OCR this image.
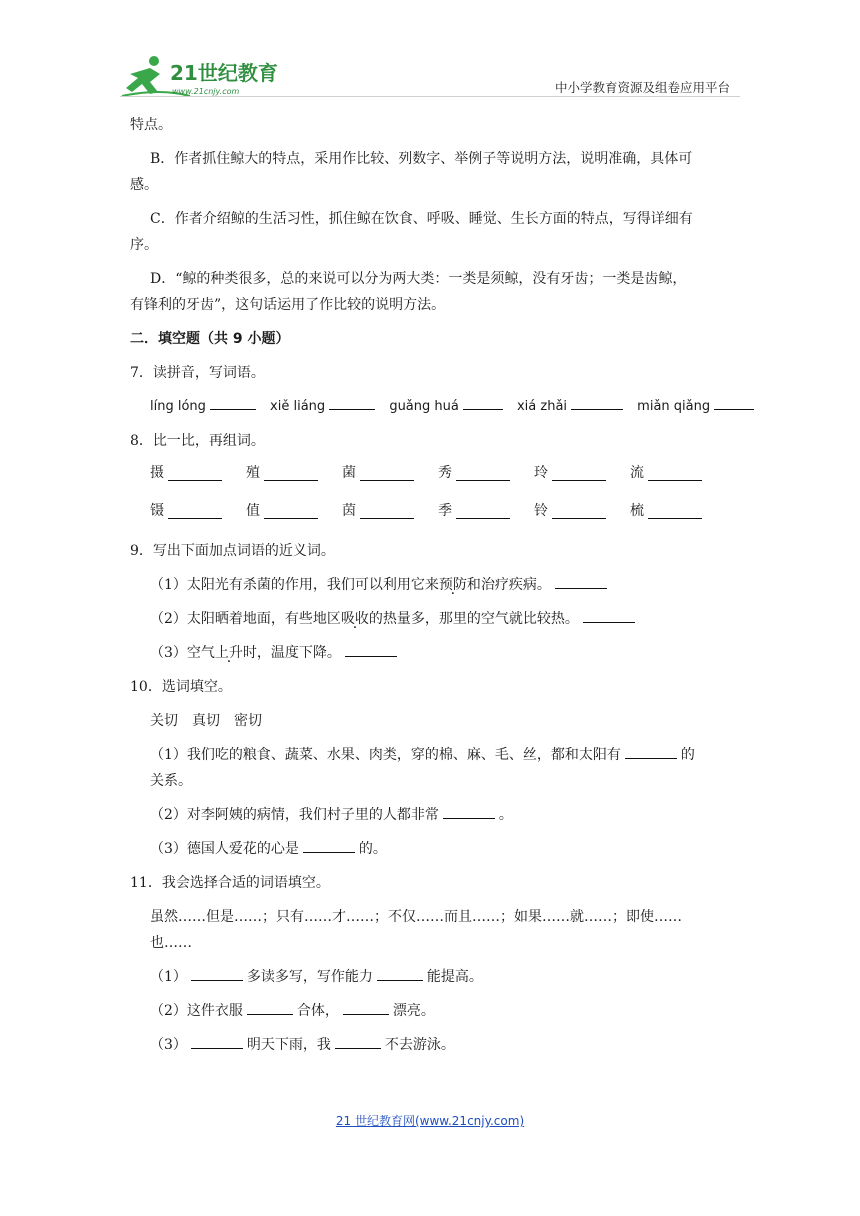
21世纪教育
www.21cnjy.com	中小学教育资源及组卷应用平台

特点。

B．作者抓住鲸大的特点，采用作比较、列数字、举例子等说明方法，说明准确，具体可

感。

C．作者介绍鲸的生活习性，抓住鲸在饮食、呼吸、睡觉、生长方面的特点，写得详细有

序。

D．“鲸的种类很多，总的来说可以分为两大类：一类是须鲸，没有牙齿；一类是齿鲸，

有锋利的牙齿”，这句话运用了作比较的说明方法。

二．填空题（共 9 小题）

7．读拼音，写词语。

líng lóng	xiě liáng	guǎng huá	xiá zhǎi	miǎn qiǎng

8．比一比，再组词。

摄	殖	菌	秀	玲	流
镊	值	茵	季	铃	梳

9．写出下面加点词语的近义词。

（1）太阳光有杀菌的作用，我们可以利用它来预防和治疗疾病。

（2）太阳晒着地面，有些地区吸收的热量多，那里的空气就比较热。

（3）空气上升时，温度下降。

10．选词填空。

关切　真切　密切

（1）我们吃的粮食、蔬菜、水果、肉类，穿的棉、麻、毛、丝，都和太阳有	的

关系。

（2）对李阿姨的病情，我们村子里的人都非常	。

（3）德国人爱花的心是	的。

11．我会选择合适的词语填空。

虽然……但是……；只有……才……；不仅……而且……；如果……就……；即使……

也……

（1）	多读多写，写作能力	能提高。

（2）这件衣服	合体，	漂亮。

（3）	明天下雨，我	不去游泳。

21 世纪教育网(www.21cnjy.com)
